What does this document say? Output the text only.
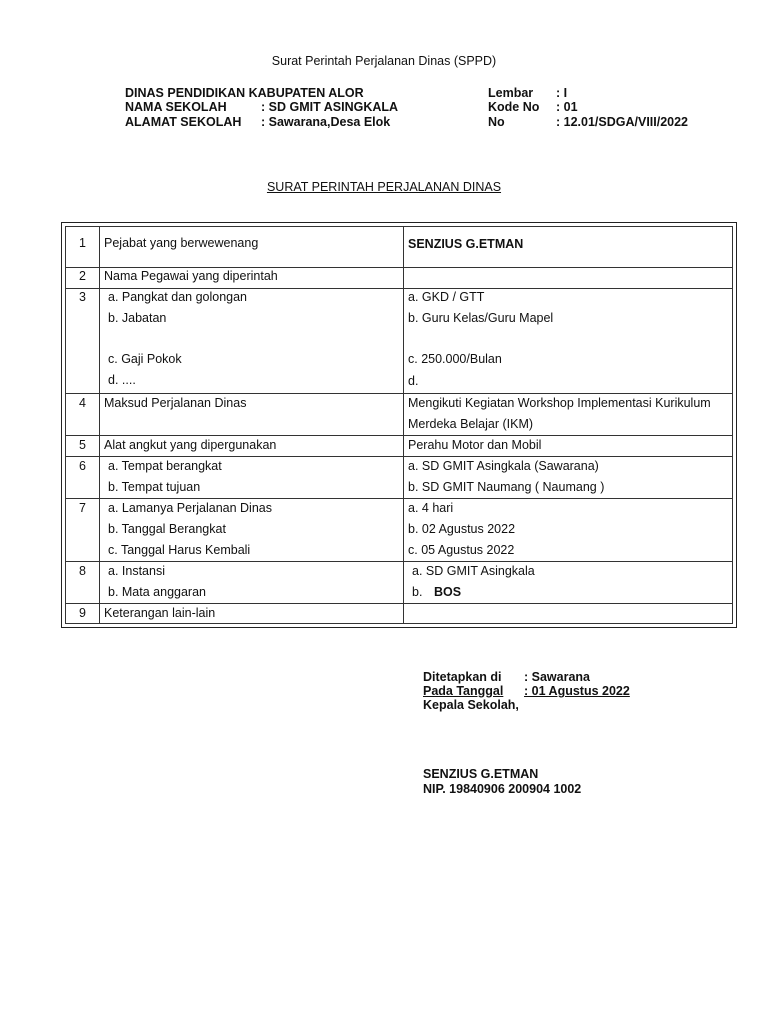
Surat Perintah Perjalanan Dinas (SPPD)
DINAS PENDIDIKAN KABUPATEN ALOR
NAMA SEKOLAH	: SD GMIT ASINGKALA
ALAMAT SEKOLAH : Sawarana,Desa Elok
Lembar : I
Kode No : 01
No	: 12.01/SDGA/VIII/2022
SURAT PERINTAH PERJALANAN DINAS
1	Pejabat yang berwewenang	SENZIUS G.ETMAN
2	Nama Pegawai yang diperintah
3	a. Pangkat dan golongan	a. GKD / GTT
b. Jabatan	b. Guru Kelas/Guru Mapel
c. Gaji Pokok	c. 250.000/Bulan
d. ....	d.
4	Maksud Perjalanan Dinas	Mengikuti Kegiatan Workshop Implementasi Kurikulum
Merdeka Belajar (IKM)
5	Alat angkut yang dipergunakan	Perahu Motor dan Mobil
6	a. Tempat berangkat	a. SD GMIT Asingkala (Sawarana)
b. Tempat tujuan	b. SD GMIT Naumang ( Naumang )
7	a. Lamanya Perjalanan Dinas	a. 4 hari
b. Tanggal Berangkat	b. 02 Agustus 2022
c. Tanggal Harus Kembali	c. 05 Agustus 2022
8	a. Instansi	a. SD GMIT Asingkala
b. Mata anggaran	b. BOS
9	Keterangan lain-lain
Ditetapkan di : Sawarana
Pada Tanggal
: 01 Agustus 2022
Kepala Sekolah,
SENZIUS G.ETMAN
NIP. 19840906 200904 1002
